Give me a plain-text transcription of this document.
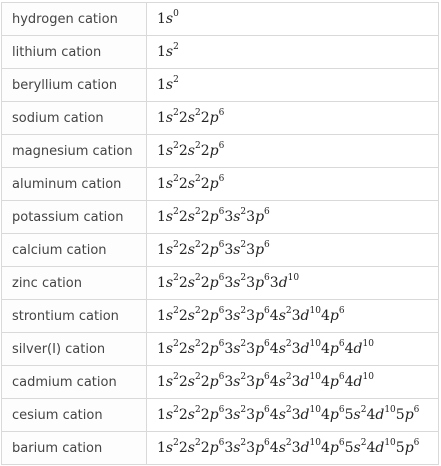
hydrogen cation	$1s^0$
lithium cation	$1s^2$
beryllium cation	$1s^2$
sodium cation	$1s^22s^22p^6$
magnesium cation	$1s^22s^22p^6$
aluminum cation	$1s^22s^22p^6$
potassium cation	$1s^22s^22p^63s^23p^6$
calcium cation	$1s^22s^22p^63s^23p^6$
zinc cation	$1s^22s^22p^63s^23p^63d^{10}$
strontium cation	$1s^22s^22p^63s^23p^64s^23d^{10}4p^6$
silver(I) cation	$1s^22s^22p^63s^23p^64s^23d^{10}4p^64d^{10}$
cadmium cation	$1s^22s^22p^63s^23p^64s^23d^{10}4p^64d^{10}$
cesium cation	$1s^22s^22p^63s^23p^64s^23d^{10}4p^65s^24d^{10}5p^6$
barium cation	$1s^22s^22p^63s^23p^64s^23d^{10}4p^65s^24d^{10}5p^6$
